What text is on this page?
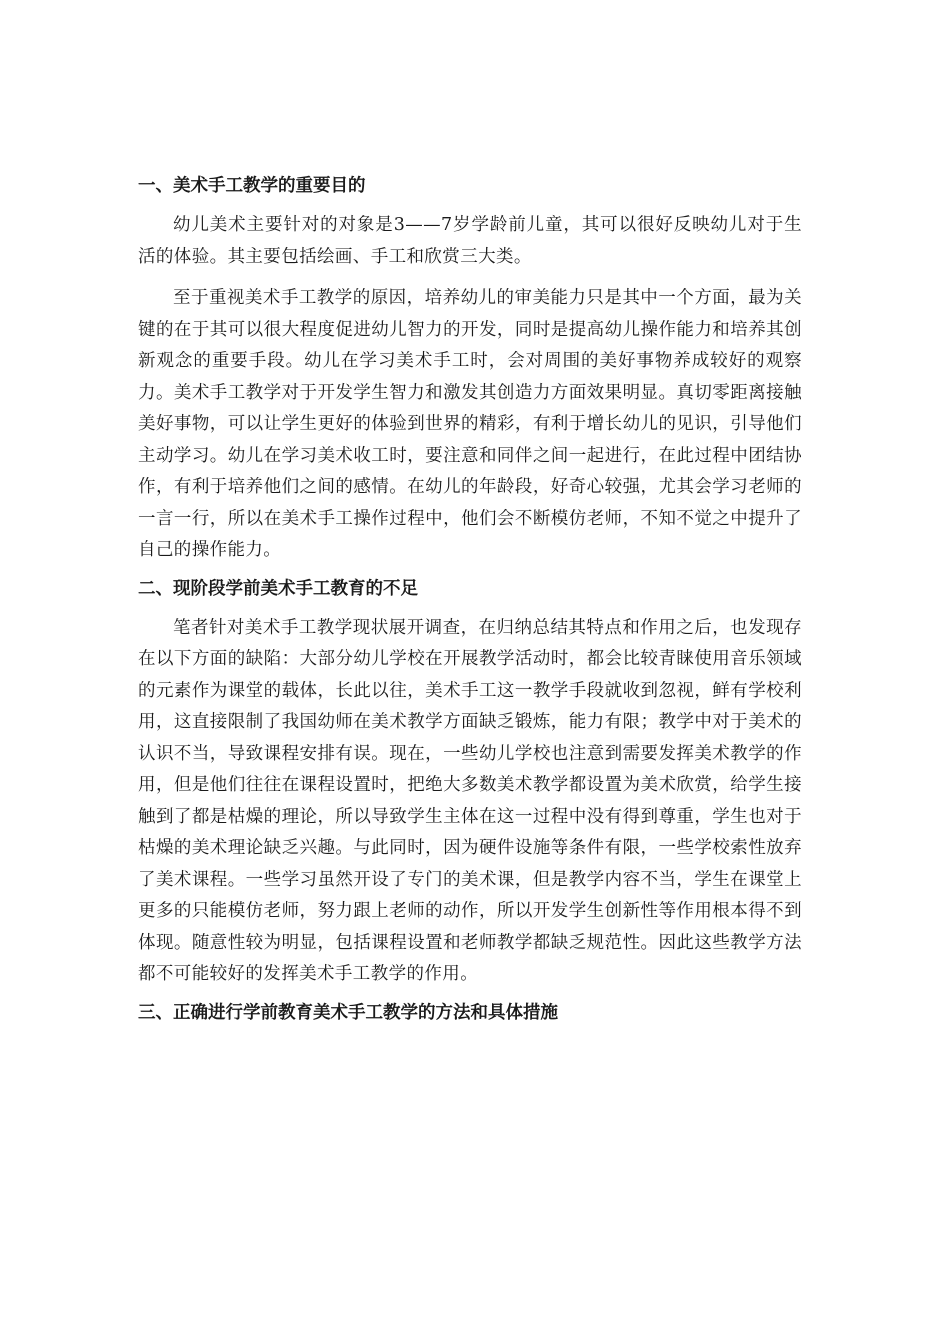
一、美术手工教学的重要目的

幼儿美术主要针对的对象是3——7岁学龄前儿童，其可以很好反映幼儿对于生活的体验。其主要包括绘画、手工和欣赏三大类。

至于重视美术手工教学的原因，培养幼儿的审美能力只是其中一个方面，最为关键的在于其可以很大程度促进幼儿智力的开发，同时是提高幼儿操作能力和培养其创新观念的重要手段。幼儿在学习美术手工时，会对周围的美好事物养成较好的观察力。美术手工教学对于开发学生智力和激发其创造力方面效果明显。真切零距离接触美好事物，可以让学生更好的体验到世界的精彩，有利于增长幼儿的见识，引导他们主动学习。幼儿在学习美术收工时，要注意和同伴之间一起进行，在此过程中团结协作，有利于培养他们之间的感情。在幼儿的年龄段，好奇心较强，尤其会学习老师的一言一行，所以在美术手工操作过程中，他们会不断模仿老师，不知不觉之中提升了自己的操作能力。

二、现阶段学前美术手工教育的不足

笔者针对美术手工教学现状展开调查，在归纳总结其特点和作用之后，也发现存在以下方面的缺陷：大部分幼儿学校在开展教学活动时，都会比较青睐使用音乐领域的元素作为课堂的载体，长此以往，美术手工这一教学手段就收到忽视，鲜有学校利用，这直接限制了我国幼师在美术教学方面缺乏锻炼，能力有限；教学中对于美术的认识不当，导致课程安排有误。现在，一些幼儿学校也注意到需要发挥美术教学的作用，但是他们往往在课程设置时，把绝大多数美术教学都设置为美术欣赏，给学生接触到了都是枯燥的理论，所以导致学生主体在这一过程中没有得到尊重，学生也对于枯燥的美术理论缺乏兴趣。与此同时，因为硬件设施等条件有限，一些学校索性放弃了美术课程。一些学习虽然开设了专门的美术课，但是教学内容不当，学生在课堂上更多的只能模仿老师，努力跟上老师的动作，所以开发学生创新性等作用根本得不到体现。随意性较为明显，包括课程设置和老师教学都缺乏规范性。因此这些教学方法都不可能较好的发挥美术手工教学的作用。

三、正确进行学前教育美术手工教学的方法和具体措施
